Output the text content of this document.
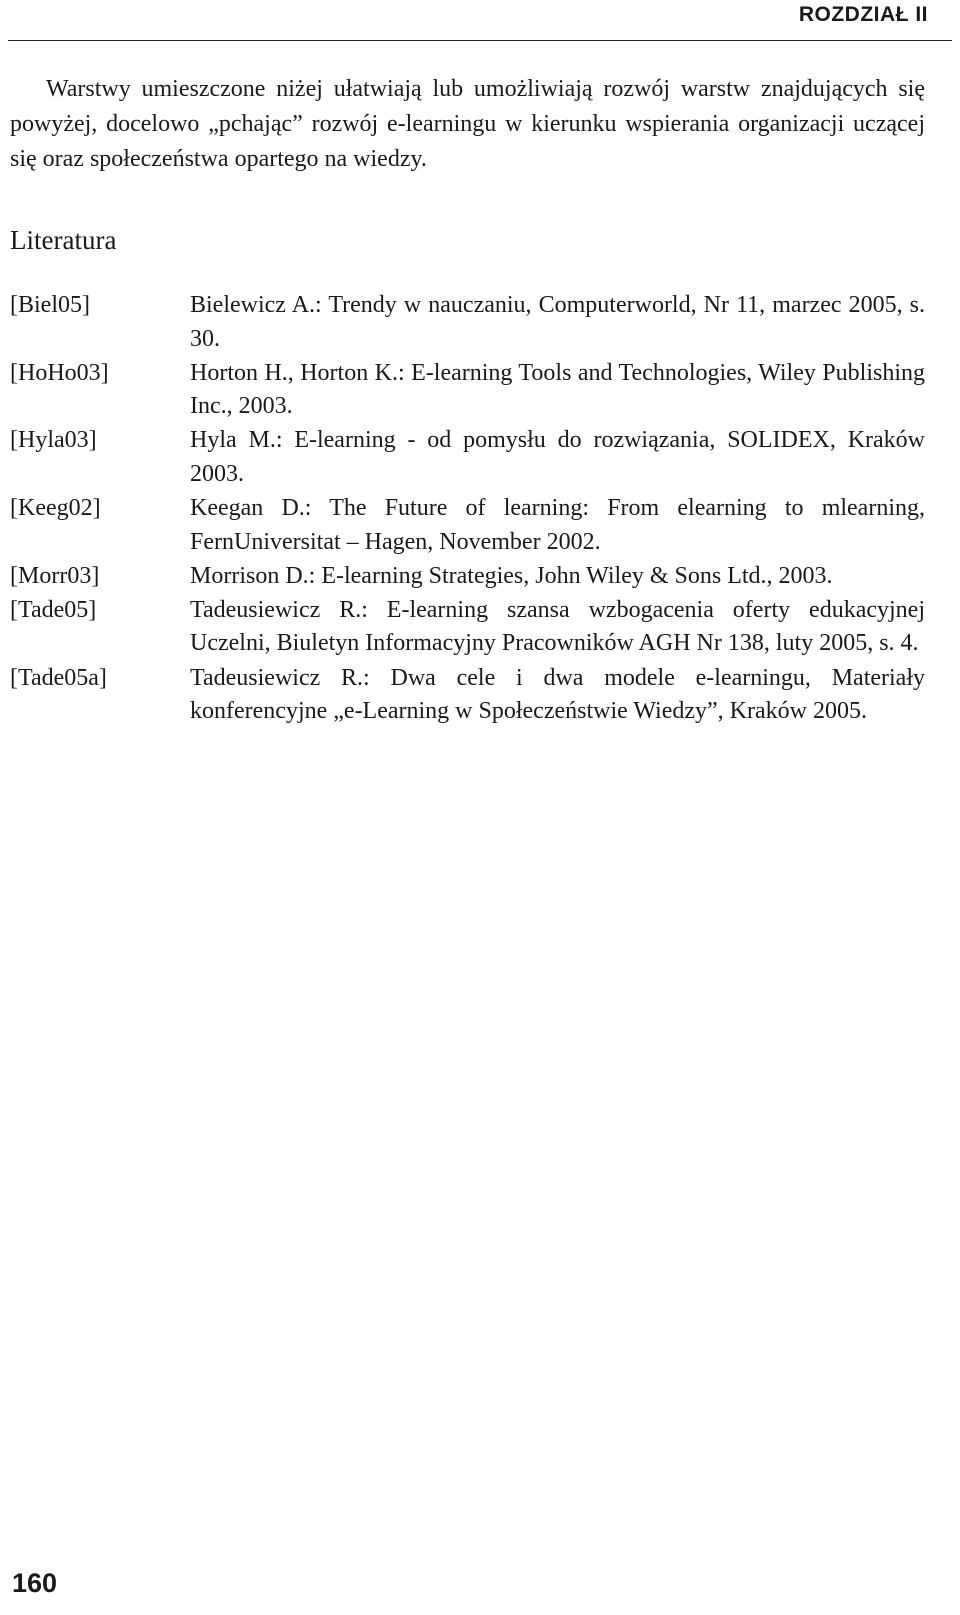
ROZDZIAŁ II

Warstwy umieszczone niżej ułatwiają lub umożliwiają rozwój warstw znajdujących się powyżej, docelowo „pchając” rozwój e-learningu w kierunku wspierania organizacji uczącej się oraz społeczeństwa opartego na wiedzy.

Literatura
[Biel05]	Bielewicz A.: Trendy w nauczaniu, Computerworld, Nr 11, marzec 2005, s. 30.
[HoHo03]	Horton H., Horton K.: E-learning Tools and Technologies, Wiley Publishing Inc., 2003.
[Hyla03]	Hyla M.: E-learning - od pomysłu do rozwiązania, SOLIDEX, Kraków 2003.
[Keeg02]	Keegan D.: The Future of learning: From elearning to mlearning, FernUniversitat – Hagen, November 2002.
[Morr03]	Morrison D.: E-learning Strategies, John Wiley & Sons Ltd., 2003.
[Tade05]	Tadeusiewicz R.: E-learning szansa wzbogacenia oferty edukacyjnej Uczelni, Biuletyn Informacyjny Pracowników AGH Nr 138, luty 2005, s. 4.
[Tade05a]	Tadeusiewicz R.: Dwa cele i dwa modele e-learningu, Materiały konferencyjne „e-Learning w Społeczeństwie Wiedzy”, Kraków 2005.
160
